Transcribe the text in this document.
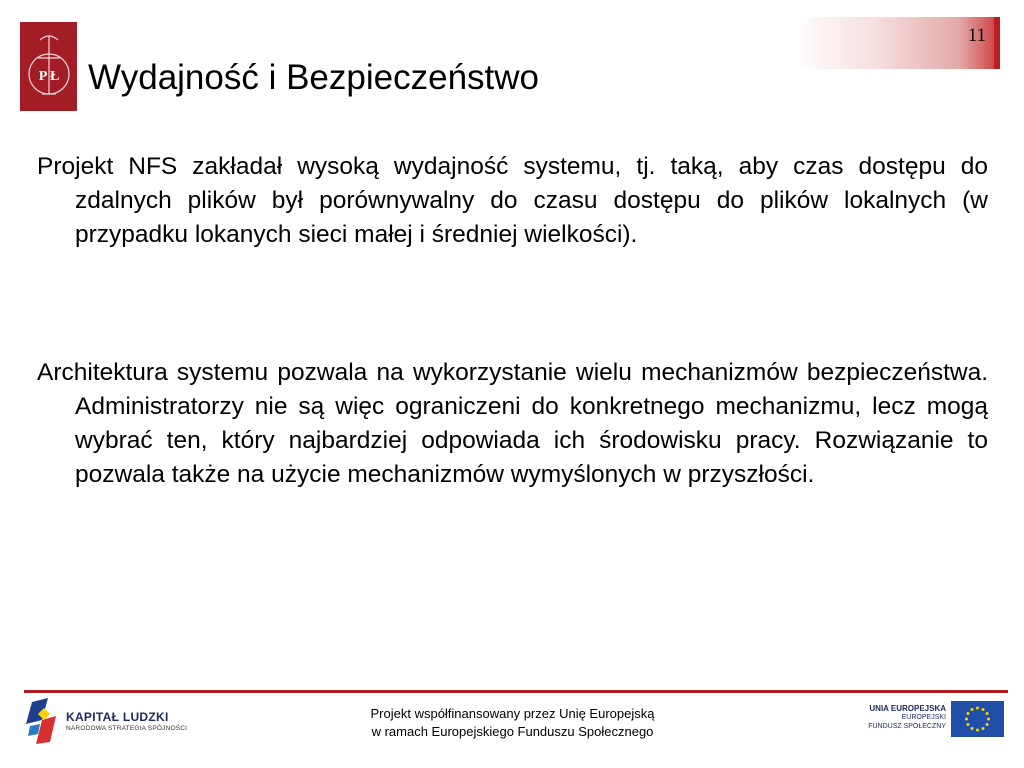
P Ł Wydajność i Bezpieczeństwo
11

Projekt NFS zakładał wysoką wydajność systemu, tj. taką, aby czas dostępu do zdalnych plików był porównywalny do czasu dostępu do plików lokalnych (w przypadku lokanych sieci małej i średniej wielkości).

Architektura systemu pozwala na wykorzystanie wielu mechanizmów bezpieczeństwa. Administratorzy nie są więc ograniczeni do konkretnego mechanizmu, lecz mogą wybrać ten, który najbardziej odpowiada ich środowisku pracy. Rozwiązanie to pozwala także na użycie mechanizmów wymyślonych w przyszłości.

KAPITAŁ LUDZKI
NARODOWA STRATEGIA SPÓJNOŚCI
Projekt współfinansowany przez Unię Europejską
w ramach Europejskiego Funduszu Społecznego
UNIA EUROPEJSKA
EUROPEJSKI
FUNDUSZ SPOŁECZNY
